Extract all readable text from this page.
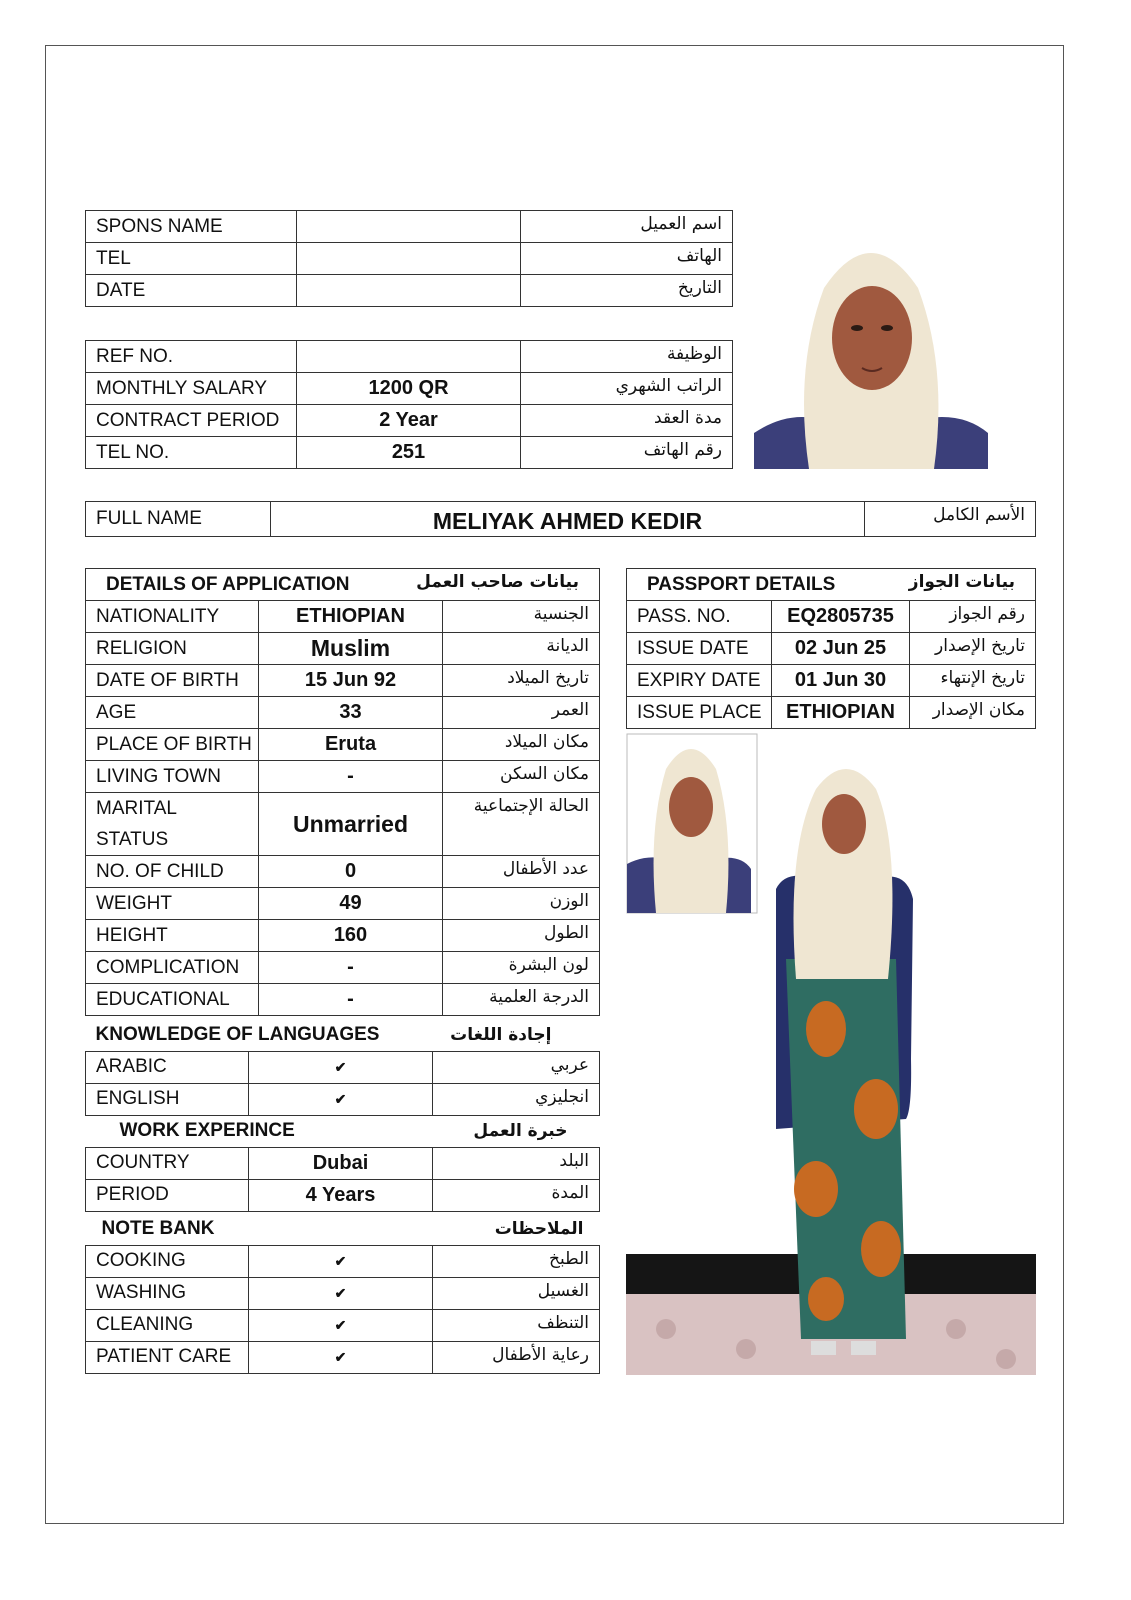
SPONS NAME		اسم العميل
TEL		الهاتف
DATE		التاريخ
REF NO.		الوظيفة
MONTHLY SALARY	1200 QR	الراتب الشهري
CONTRACT PERIOD	2 Year	مدة العقد
TEL NO.	251	رقم الهاتف
FULL NAME	MELIYAK AHMED KEDIR	الأسم الكامل
DETAILS OF APPLICATION		بيانات صاحب العمل
NATIONALITY	ETHIOPIAN	الجنسية
RELIGION	Muslim	الديانة
DATE OF BIRTH	15 Jun 92	تاريخ الميلاد
AGE	33	العمر
PLACE OF BIRTH	Eruta	مكان الميلاد
LIVING TOWN	-	مكان السكن
MARITAL STATUS	Unmarried	الحالة الإجتماعية
NO. OF CHILD	0	عدد الأطفال
WEIGHT	49	الوزن
HEIGHT	160	الطول
COMPLICATION	-	لون البشرة
EDUCATIONAL	-	الدرجة العلمية
KNOWLEDGE OF LANGUAGES		إجادة اللغات
ARABIC	✔	عربي
ENGLISH	✔	انجليزي
WORK EXPERINCE		خبرة العمل
COUNTRY	Dubai	البلد
PERIOD	4 Years	المدة
NOTE BANK		الملاحظات
COOKING	✔	الطبخ
WASHING	✔	الغسيل
CLEANING	✔	التنظف
PATIENT CARE	✔	رعاية الأطفال
PASSPORT DETAILS		بيانات الجواز
PASS. NO.	EQ2805735	رقم الجواز
ISSUE DATE	02 Jun 25	تاريخ الإصدار
EXPIRY DATE	01 Jun 30	تاريخ الإنتهاء
ISSUE PLACE	ETHIOPIAN	مكان الإصدار
